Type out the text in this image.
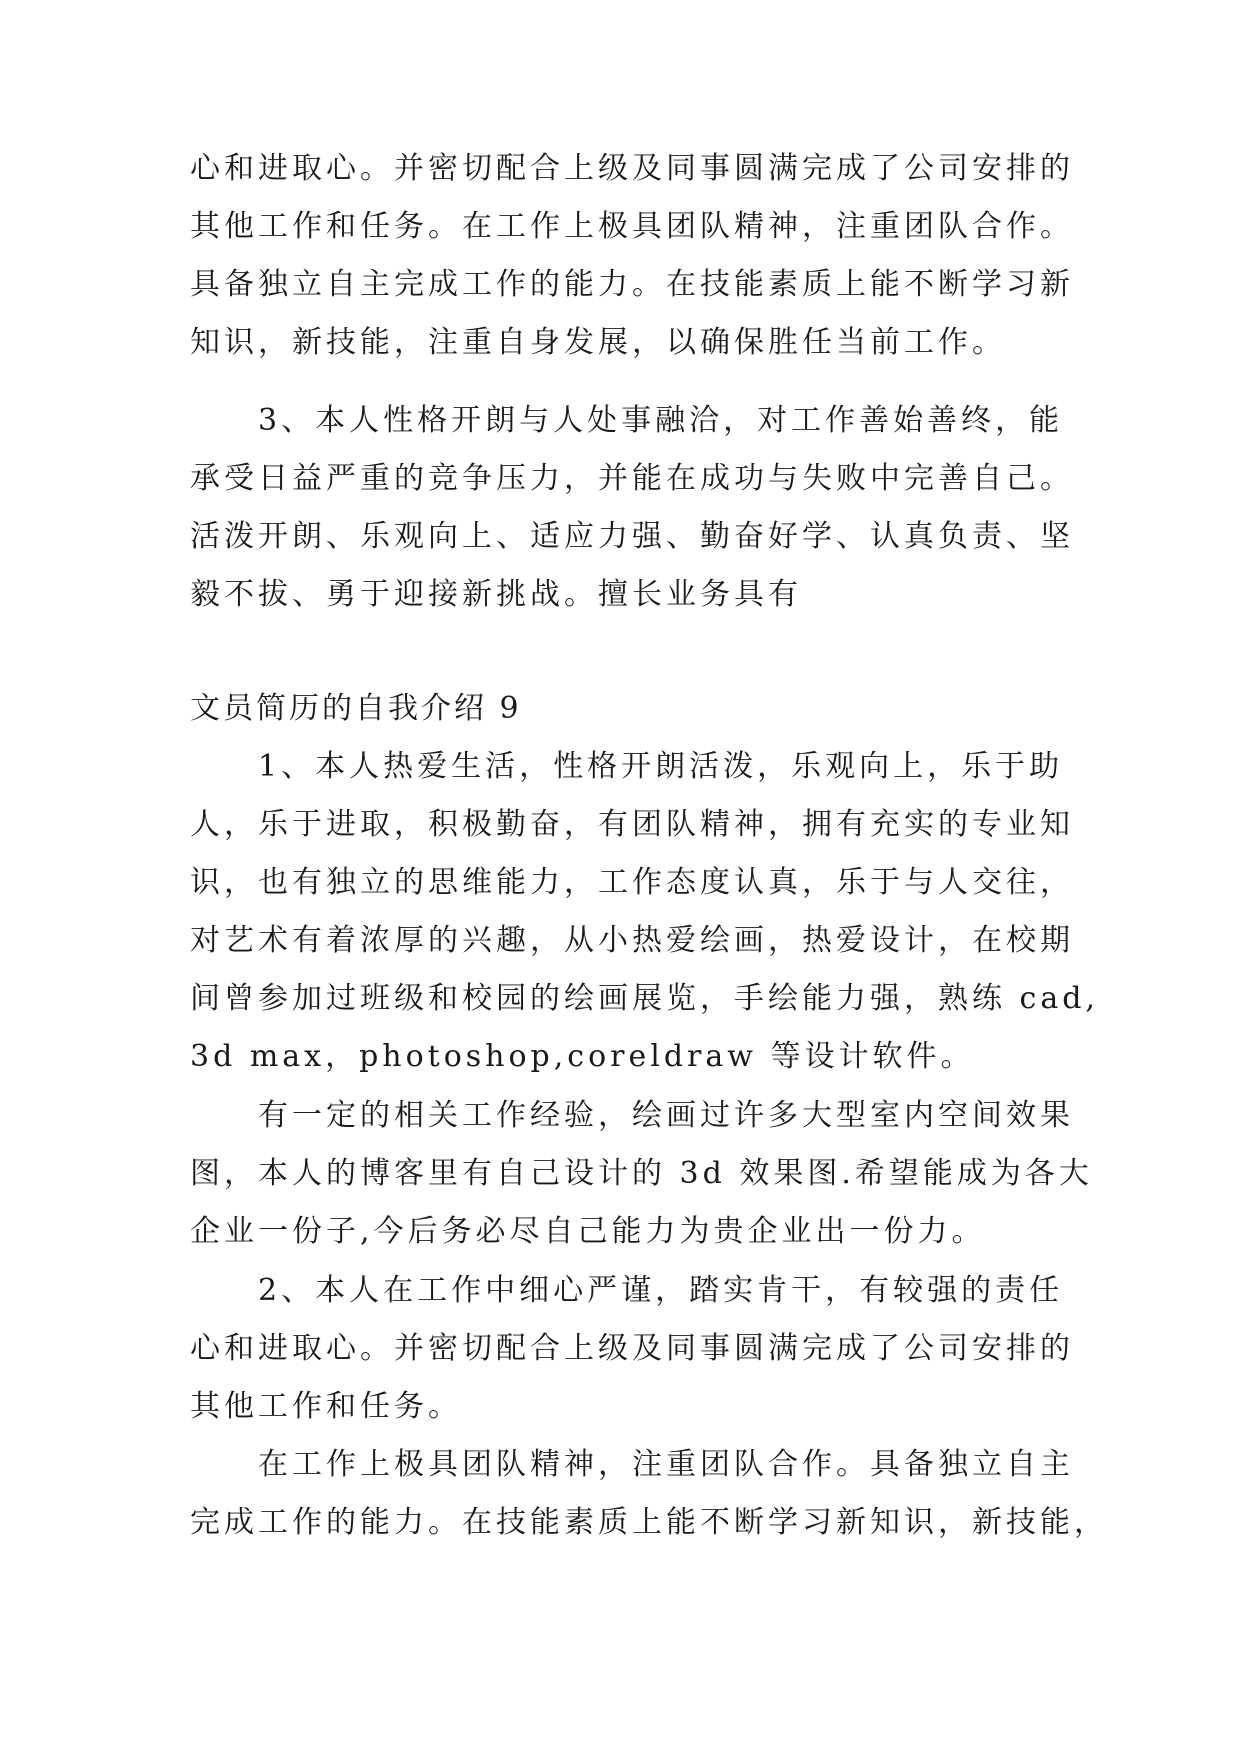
心和进取心。并密切配合上级及同事圆满完成了公司安排的
其他工作和任务。在工作上极具团队精神，注重团队合作。
具备独立自主完成工作的能力。在技能素质上能不断学习新
知识，新技能，注重自身发展，以确保胜任当前工作。
3、本人性格开朗与人处事融洽，对工作善始善终，能
承受日益严重的竞争压力，并能在成功与失败中完善自己。
活泼开朗、乐观向上、适应力强、勤奋好学、认真负责、坚
毅不拔、勇于迎接新挑战。擅长业务具有
文员简历的自我介绍 9
1、本人热爱生活，性格开朗活泼，乐观向上，乐于助
人，乐于进取，积极勤奋，有团队精神，拥有充实的专业知
识，也有独立的思维能力，工作态度认真，乐于与人交往，
对艺术有着浓厚的兴趣，从小热爱绘画，热爱设计，在校期
间曾参加过班级和校园的绘画展览，手绘能力强，熟练 cad,
3d max，photoshop,coreldraw 等设计软件。
有一定的相关工作经验，绘画过许多大型室内空间效果
图，本人的博客里有自己设计的 3d 效果图.希望能成为各大
企业一份子,今后务必尽自己能力为贵企业出一份力。
2、本人在工作中细心严谨，踏实肯干，有较强的责任
心和进取心。并密切配合上级及同事圆满完成了公司安排的
其他工作和任务。
在工作上极具团队精神，注重团队合作。具备独立自主
完成工作的能力。在技能素质上能不断学习新知识，新技能，
